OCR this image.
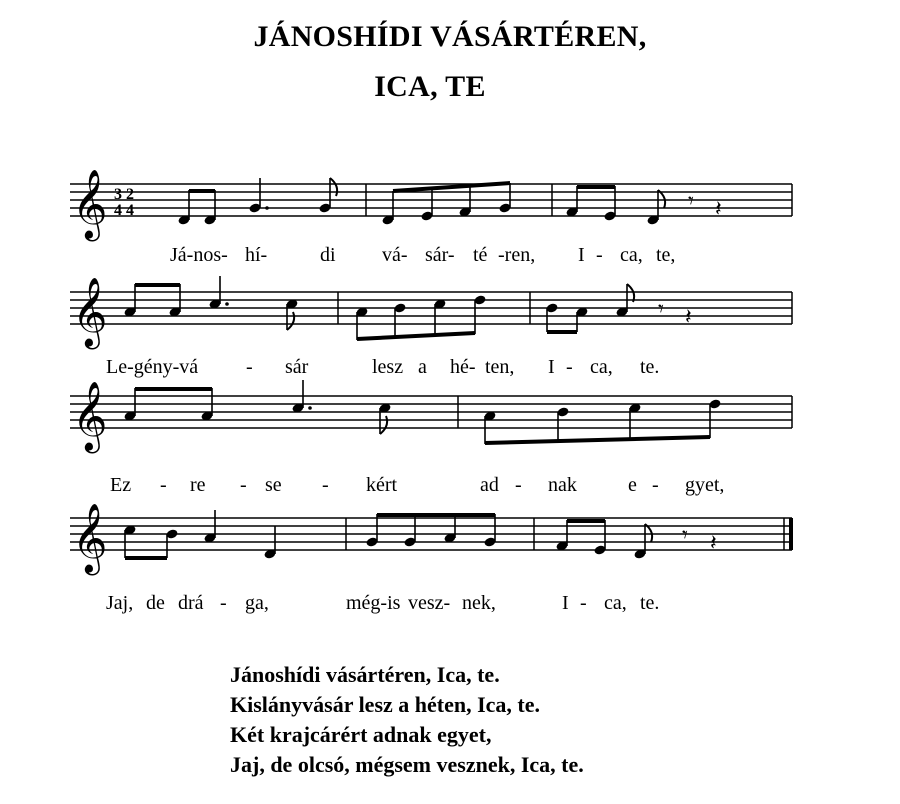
JÁNOSHÍDI VÁSÁRTÉREN,
ICA, TE
𝄞 3
4
2
4	𝄾 𝄽
Já-nos- hí-	di vá- sár- té -ren, I - ca, te,
𝄞	𝄾 𝄽
Le-gény-vá - sár	lesz a hé- ten, I - ca, te.
𝄞
Ez - re - se - kért	ad - nak	e - gyet,
𝄞	𝄾 𝄽
Jaj, de drá - ga,	még-is vesz- nek,	I - ca, te.
Jánoshídi vásártéren, Ica, te.
Kislányvásár lesz a héten, Ica, te.
Két krajcárért adnak egyet,
Jaj, de olcsó, mégsem vesznek, Ica, te.
